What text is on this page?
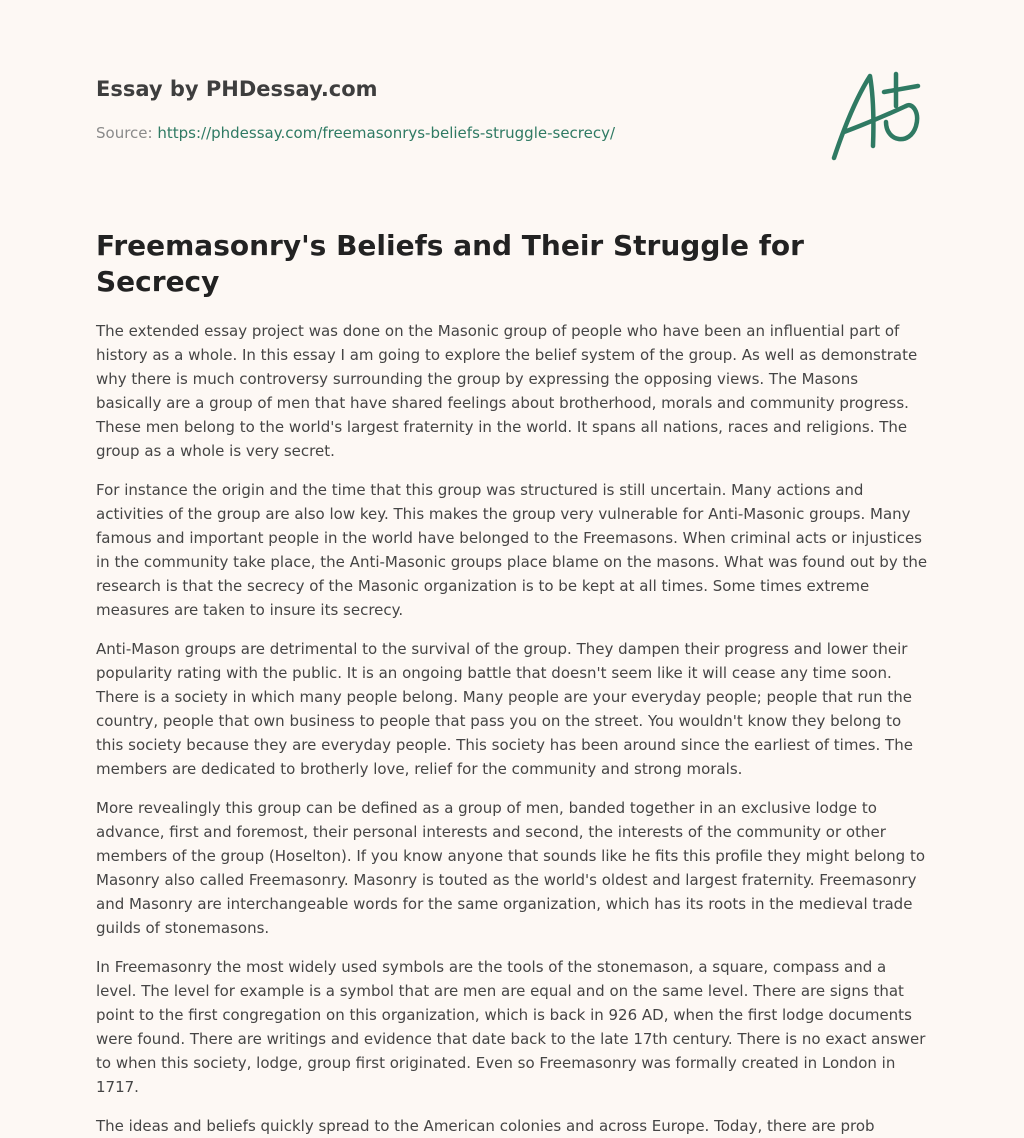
Essay by PHDessay.com
Source: https://phdessay.com/freemasonrys-beliefs-struggle-secrecy/
Freemasonry's Beliefs and Their Struggle for Secrecy

The extended essay project was done on the Masonic group of people who have been an influential part of history as a whole. In this essay I am going to explore the belief system of the group. As well as demonstrate why there is much controversy surrounding the group by expressing the opposing views. The Masons basically are a group of men that have shared feelings about brotherhood, morals and community progress. These men belong to the world's largest fraternity in the world. It spans all nations, races and religions. The group as a whole is very secret.

For instance the origin and the time that this group was structured is still uncertain. Many actions and activities of the group are also low key. This makes the group very vulnerable for Anti-Masonic groups. Many famous and important people in the world have belonged to the Freemasons. When criminal acts or injustices in the community take place, the Anti-Masonic groups place blame on the masons. What was found out by the research is that the secrecy of the Masonic organization is to be kept at all times. Some times extreme measures are taken to insure its secrecy.

Anti-Mason groups are detrimental to the survival of the group. They dampen their progress and lower their popularity rating with the public. It is an ongoing battle that doesn't seem like it will cease any time soon. There is a society in which many people belong. Many people are your everyday people; people that run the country, people that own business to people that pass you on the street. You wouldn't know they belong to this society because they are everyday people. This society has been around since the earliest of times. The members are dedicated to brotherly love, relief for the community and strong morals.

More revealingly this group can be defined as a group of men, banded together in an exclusive lodge to advance, first and foremost, their personal interests and second, the interests of the community or other members of the group (Hoselton). If you know anyone that sounds like he fits this profile they might belong to Masonry also called Freemasonry. Masonry is touted as the world's oldest and largest fraternity. Freemasonry and Masonry are interchangeable words for the same organization, which has its roots in the medieval trade guilds of stonemasons.

In Freemasonry the most widely used symbols are the tools of the stonemason, a square, compass and a level. The level for example is a symbol that are men are equal and on the same level. There are signs that point to the first congregation on this organization, which is back in 926 AD, when the first lodge documents were found. There are writings and evidence that date back to the late 17th century. There is no exact answer to when this society, lodge, group first originated. Even so Freemasonry was formally created in London in 1717.

The ideas and beliefs quickly spread to the American colonies and across Europe. Today, there are prob
